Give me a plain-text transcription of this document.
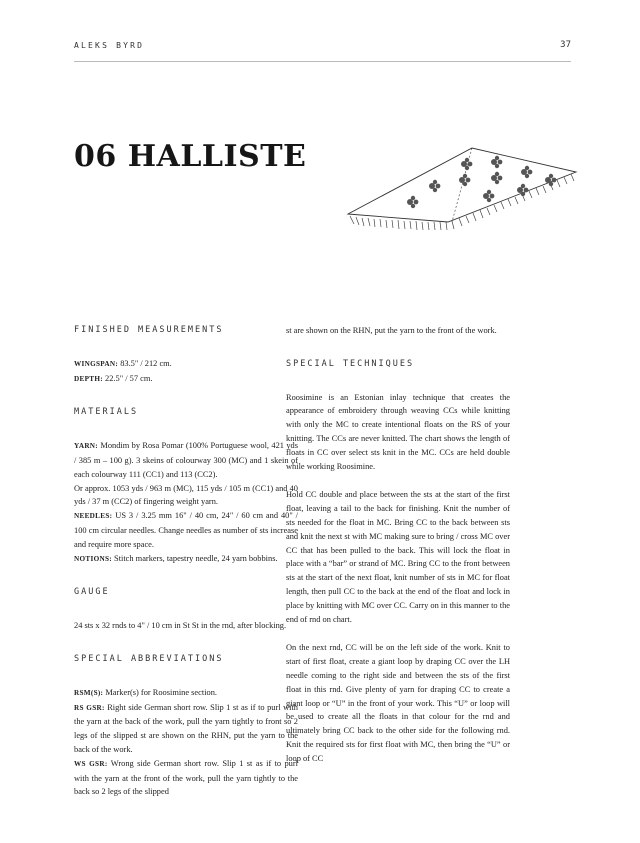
ALEKS BYRD	37
06 HALLISTE
FINISHED MEASUREMENTS

WINGSPAN: 83.5" / 212 cm.

DEPTH: 22.5" / 57 cm.

MATERIALS

YARN: Mondim by Rosa Pomar (100% Portuguese wool, 421 yds / 385 m – 100 g). 3 skeins of colourway 300 (MC) and 1 skein of each colourway 111 (CC1) and 113 (CC2).

Or approx. 1053 yds / 963 m (MC), 115 yds / 105 m (CC1) and 40 yds / 37 m (CC2) of fingering weight yarn.

NEEDLES: US 3 / 3.25 mm 16" / 40 cm, 24" / 60 cm and 40" / 100 cm circular needles. Change needles as number of sts increase and require more space.

NOTIONS: Stitch markers, tapestry needle, 24 yarn bobbins.

GAUGE

24 sts x 32 rnds to 4" / 10 cm in St St in the rnd, after blocking.

SPECIAL ABBREVIATIONS

RSM(S): Marker(s) for Roosimine section.

RS GSR: Right side German short row. Slip 1 st as if to purl with the yarn at the back of the work, pull the yarn tightly to front so 2 legs of the slipped st are shown on the RHN, put the yarn to the back of the work.

WS GSR: Wrong side German short row. Slip 1 st as if to purl with the yarn at the front of the work, pull the yarn tightly to the back so 2 legs of the slipped

st are shown on the RHN, put the yarn to the front of the work.

SPECIAL TECHNIQUES

Roosimine is an Estonian inlay technique that creates the appearance of embroidery through weaving CCs while knitting with only the MC to create intentional floats on the RS of your knitting. The CCs are never knitted. The chart shows the length of floats in CC over select sts knit in the MC. CCs are held double while working Roosimine.

Hold CC double and place between the sts at the start of the first float, leaving a tail to the back for finishing. Knit the number of sts needed for the float in MC. Bring CC to the back between sts and knit the next st with MC making sure to bring / cross MC over CC that has been pulled to the back. This will lock the float in place with a “bar” or strand of MC. Bring CC to the front between sts at the start of the next float, knit number of sts in MC for float length, then pull CC to the back at the end of the float and lock in place by knitting with MC over CC. Carry on in this manner to the end of rnd on chart.

On the next rnd, CC will be on the left side of the work. Knit to start of first float, create a giant loop by draping CC over the LH needle coming to the right side and between the sts of the first float in this rnd. Give plenty of yarn for draping CC to create a giant loop or “U” in the front of your work. This “U” or loop will be used to create all the floats in that colour for the rnd and ultimately bring CC back to the other side for the following rnd. Knit the required sts for first float with MC, then bring the “U” or loop of CC
